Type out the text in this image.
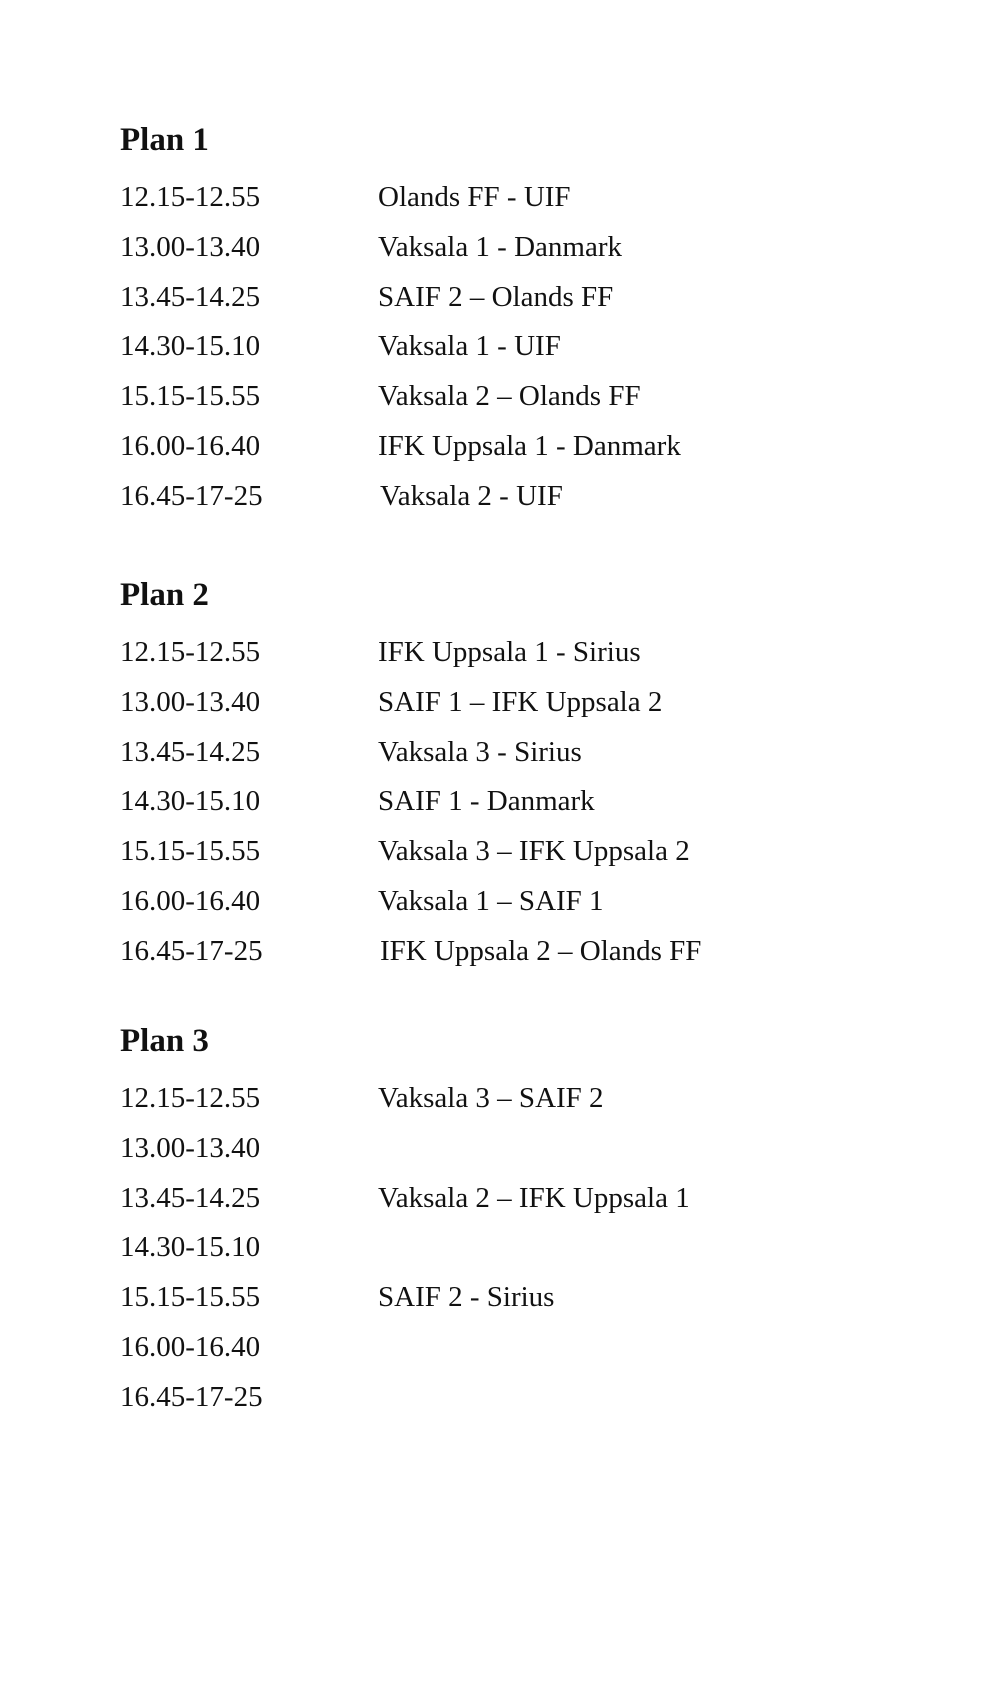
Plan 1
12.15-12.55	Olands FF - UIF
13.00-13.40	Vaksala 1 - Danmark
13.45-14.25	SAIF 2 – Olands FF
14.30-15.10	Vaksala 1 - UIF
15.15-15.55	Vaksala 2 – Olands FF
16.00-16.40	IFK Uppsala 1 - Danmark
16.45-17-25	Vaksala 2 - UIF
Plan 2
12.15-12.55	IFK Uppsala 1 - Sirius
13.00-13.40	SAIF 1 – IFK Uppsala 2
13.45-14.25	Vaksala 3 - Sirius
14.30-15.10	SAIF 1 - Danmark
15.15-15.55	Vaksala 3 – IFK Uppsala 2
16.00-16.40	Vaksala 1 – SAIF 1
16.45-17-25	IFK Uppsala 2 – Olands FF
Plan 3
12.15-12.55	Vaksala 3 – SAIF 2
13.00-13.40
13.45-14.25	Vaksala 2 – IFK Uppsala 1
14.30-15.10
15.15-15.55	SAIF 2 - Sirius
16.00-16.40
16.45-17-25
